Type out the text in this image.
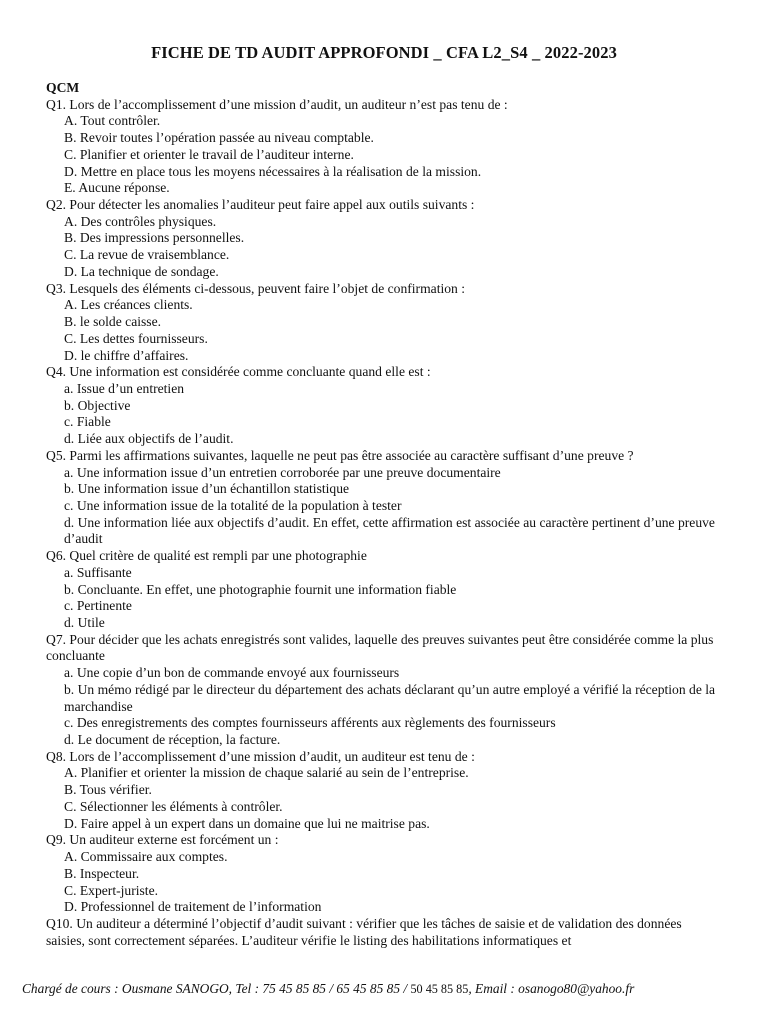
FICHE DE TD AUDIT APPROFONDI _ CFA L2_S4 _ 2022-2023
QCM
Q1. Lors de l’accomplissement d’une mission d’audit, un auditeur n’est pas tenu de :
A. Tout contrôler.
B. Revoir toutes l’opération passée au niveau comptable.
C. Planifier et orienter le travail de l’auditeur interne.
D. Mettre en place tous les moyens nécessaires à la réalisation de la mission.
E. Aucune réponse.
Q2. Pour détecter les anomalies l’auditeur peut faire appel aux outils suivants :
A. Des contrôles physiques.
B. Des impressions personnelles.
C. La revue de vraisemblance.
D. La technique de sondage.
Q3. Lesquels des éléments ci-dessous, peuvent faire l’objet de confirmation :
A. Les créances clients.
B. le solde caisse.
C. Les dettes fournisseurs.
D. le chiffre d’affaires.
Q4. Une information est considérée comme concluante quand elle est :
a. Issue d’un entretien
b. Objective
c. Fiable
d. Liée aux objectifs de l’audit.
Q5. Parmi les affirmations suivantes, laquelle ne peut pas être associée au caractère suffisant d’une preuve ?
a. Une information issue d’un entretien corroborée par une preuve documentaire
b. Une information issue d’un échantillon statistique
c. Une information issue de la totalité de la population à tester
d. Une information liée aux objectifs d’audit. En effet, cette affirmation est associée au caractère pertinent d’une preuve d’audit
Q6. Quel critère de qualité est rempli par une photographie
a. Suffisante
b. Concluante. En effet, une photographie fournit une information fiable
c. Pertinente
d. Utile
Q7. Pour décider que les achats enregistrés sont valides, laquelle des preuves suivantes peut être considérée comme la plus concluante
a. Une copie d’un bon de commande envoyé aux fournisseurs
b. Un mémo rédigé par le directeur du département des achats déclarant qu’un autre employé a vérifié la réception de la marchandise
c. Des enregistrements des comptes fournisseurs afférents aux règlements des fournisseurs
d. Le document de réception, la facture.
Q8. Lors de l’accomplissement d’une mission d’audit, un auditeur est tenu de :
A. Planifier et orienter la mission de chaque salarié au sein de l’entreprise.
B. Tous vérifier.
C. Sélectionner les éléments à contrôler.
D. Faire appel à un expert dans un domaine que lui ne maitrise pas.
Q9. Un auditeur externe est forcément un :
A. Commissaire aux comptes.
B. Inspecteur.
C. Expert-juriste.
D. Professionnel de traitement de l’information
Q10. Un auditeur a déterminé l’objectif d’audit suivant : vérifier que les tâches de saisie et de validation des données saisies, sont correctement séparées. L’auditeur vérifie le listing des habilitations informatiques et
Chargé de cours : Ousmane SANOGO, Tel : 75 45 85 85 / 65 45 85 85 / 50 45 85 85, Email : osanogo80@yahoo.fr
